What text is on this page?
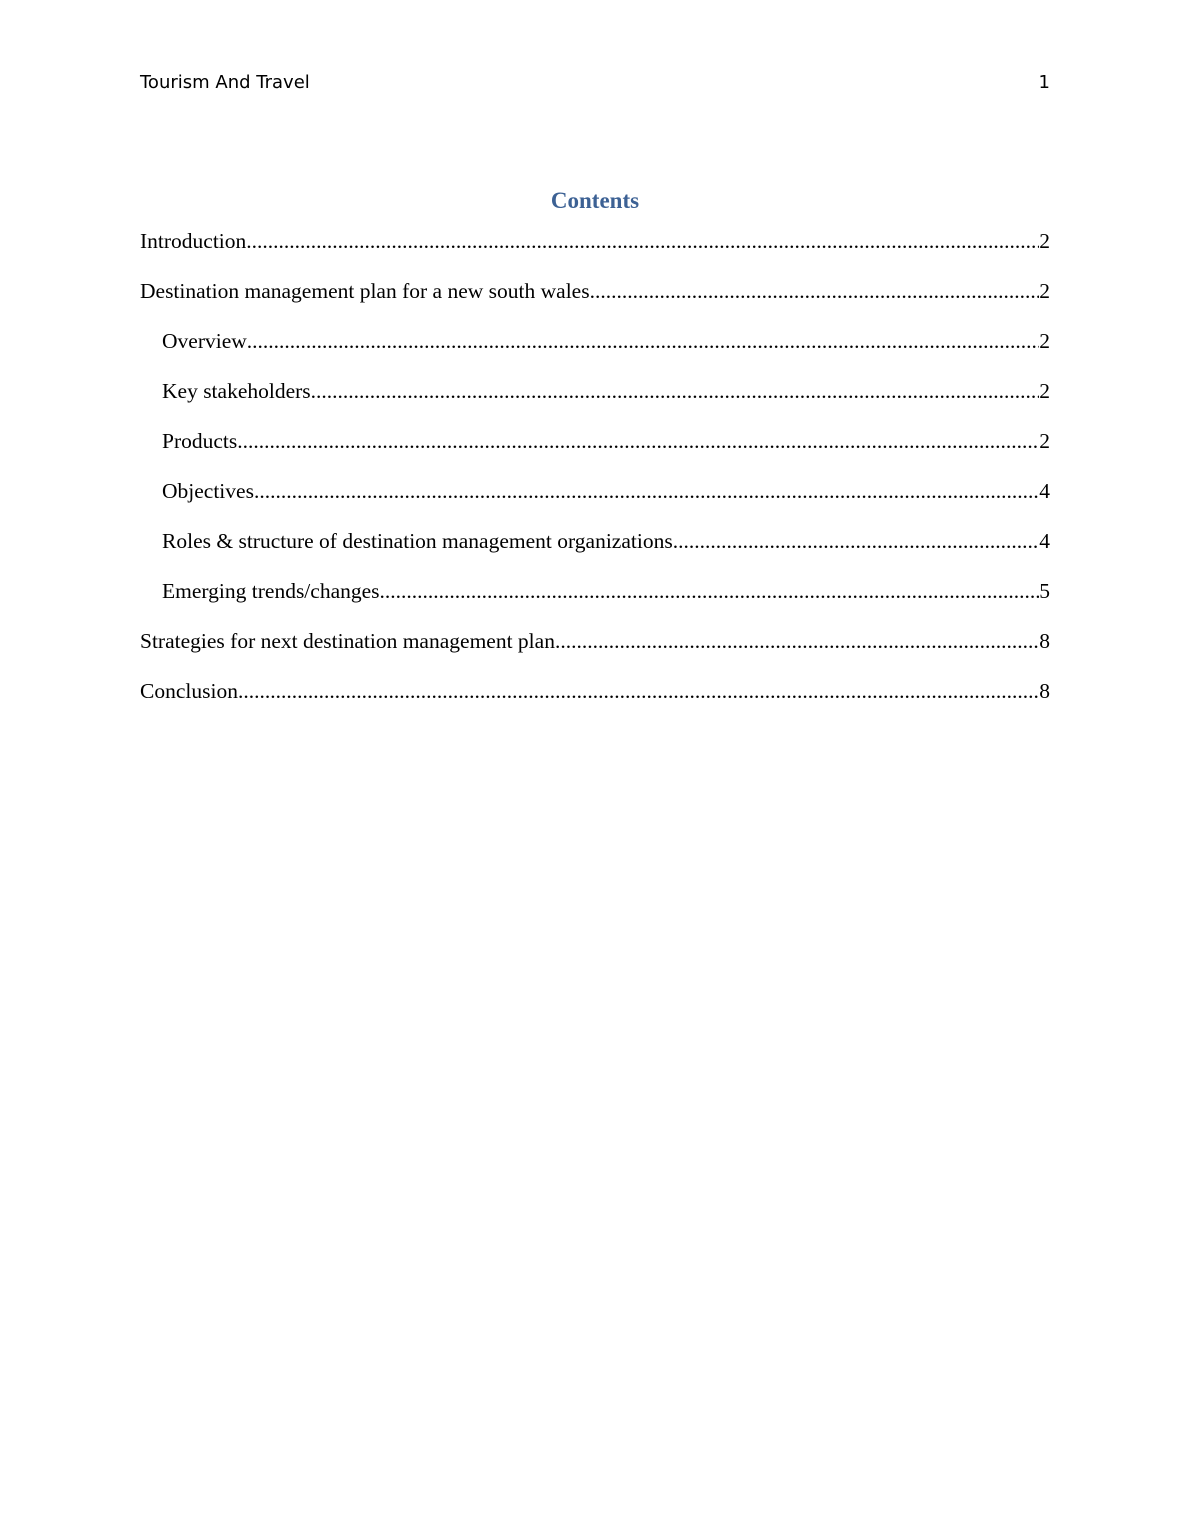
Tourism And Travel	1
Contents
Introduction .....	2
Destination management plan for a new south wales .....	2
Overview .....	2
Key stakeholders .....	2
Products .....	2
Objectives .....	4
Roles & structure of destination management organizations .....	4
Emerging trends/changes .....	5
Strategies for next destination management plan .....	8
Conclusion .....	8
